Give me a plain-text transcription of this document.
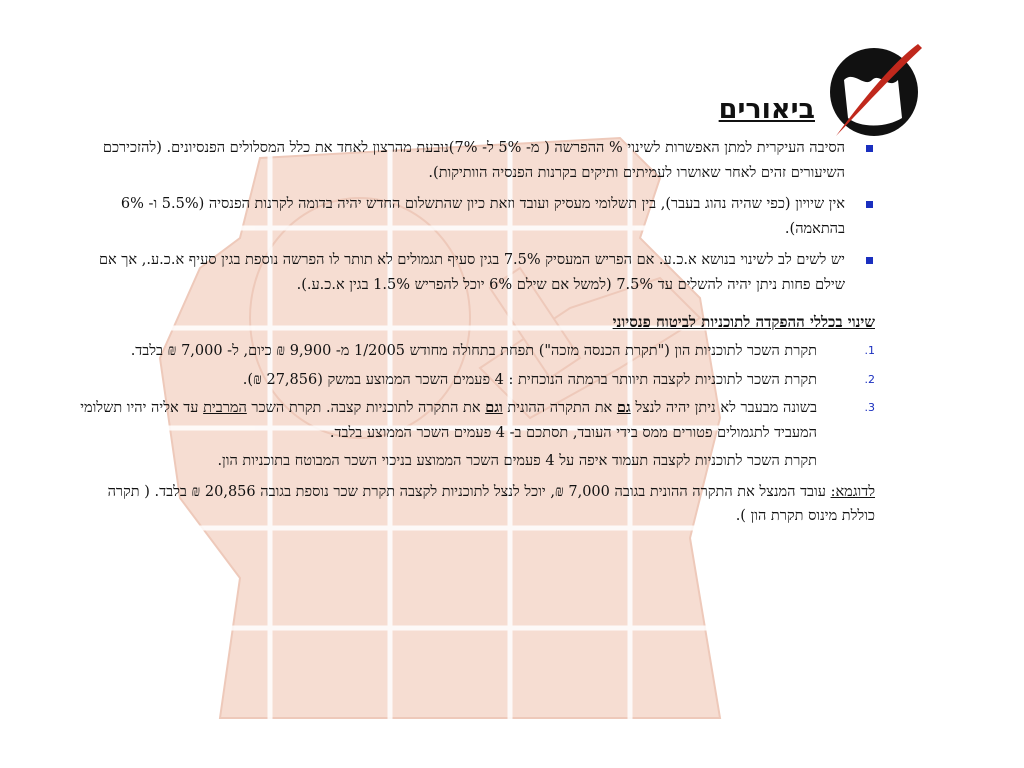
ביאורים
הסיבה העיקרית למתן האפשרות לשינוי % ההפרשה ( מ- 5% ל- 7%)נובעת מהרצון לאחד את כלל המסלולים הפנסיונים. (להזכירכם השיעורים זהים לאחר שאושרו לעמיתים ותיקים בקרנות הפנסיה הוותיקות).
אין שיויון (כפי שהיה נהוג בעבר), בין תשלומי מעסיק ועובד וזאת כיון שהתשלום החדש יהיה בדומה לקרנות הפנסיה (5.5% ו- 6% בהתאמה).
יש לשים לב לשינוי בנושא א.כ.ע. אם הפריש המעסיק 7.5% בגין סעיף תגמולים לא תותר לו הפרשה נוספת בגין סעיף א.כ.ע., אך אם שילם פחות ניתן יהיה להשלים עד 7.5% (למשל אם שילם 6% יוכל להפריש 1.5% בגין א.כ.ע.).
שינוי בכללי ההפקדה לתוכניות לביטוח פנסיוני
1.
תקרת השכר לתוכניות הון ("תקרת הכנסה מזכה") תפחת בתחולה מחודש 1/2005 מ- 9,900 ₪ כיום, ל- 7,000 ₪ בלבד.
2.
תקרת השכר לתוכניות לקצבה תיוותר ברמתה הנוכחית : 4 פעמים השכר הממוצע במשק (27,856 ₪).
3.
בשונה מבעבר לא ניתן יהיה לנצל גם את התקרה ההונית וגם את התקרה לתוכניות קצבה. תקרת השכר המרבית עד אליה יהיו תשלומי המעביד לתגמולים פטורים ממס בידי העובד, תסתכם ב- 4 פעמים השכר הממוצע בלבד.
תקרת השכר לתוכניות לקצבה תעמוד איפה על 4 פעמים השכר הממוצע בניכוי השכר המבוטח בתוכניות הון.
לדוגמא: עובד המנצל את התקרה ההונית בגובה 7,000 ₪, יוכל לנצל לתוכניות לקצבה תקרת שכר נוספת בגובה 20,856 ₪ בלבד. ( תקרה כוללת מינוס תקרת הון ).
